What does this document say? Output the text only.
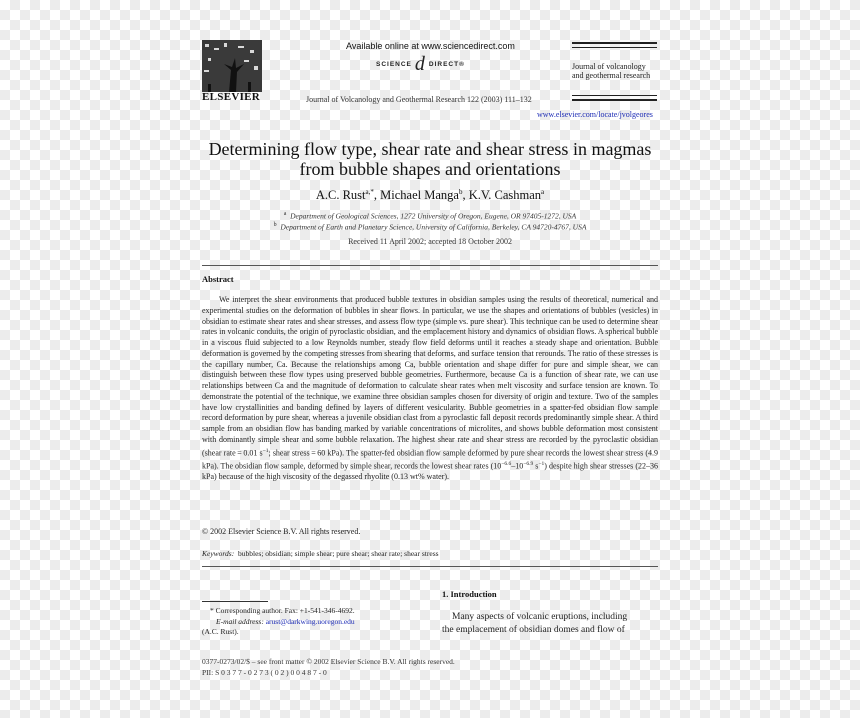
ELSEVIER
Available online at www.sciencedirect.com
SCIENCE d DIRECT®
Journal of Volcanology and Geothermal Research 122 (2003) 111–132
Journal of volcanology
and geothermal research
www.elsevier.com/locate/jvolgeores
Determining flow type, shear rate and shear stress in magmas
from bubble shapes and orientations
A.C. Rust$^{a,*}$, Michael Manga$^b$, K.V. Cashman$^a$
$^a$ Department of Geological Sciences, 1272 University of Oregon, Eugene, OR 97405-1272, USA
$^b$ Department of Earth and Planetary Science, University of California, Berkeley, CA 94720-4767, USA
Received 11 April 2002; accepted 18 October 2002
Abstract
We interpret the shear environments that produced bubble textures in obsidian samples using the results of theoretical, numerical and experimental studies on the deformation of bubbles in shear flows. In particular, we use the shapes and orientations of bubbles (vesicles) in obsidian to estimate shear rates and shear stresses, and assess flow type (simple vs. pure shear). This technique can be used to determine shear rates in volcanic conduits, the origin of pyroclastic obsidian, and the emplacement history and dynamics of obsidian flows. A spherical bubble in a viscous fluid subjected to a low Reynolds number, steady flow field deforms until it reaches a steady shape and orientation. Bubble deformation is governed by the competing stresses from shearing that deforms, and surface tension that rerounds. The ratio of these stresses is the capillary number, Ca. Because the relationships among Ca, bubble orientation and shape differ for pure and simple shear, we can distinguish between these flow types using preserved bubble geometries. Furthermore, because Ca is a function of shear rate, we can use relationships between Ca and the magnitude of deformation to calculate shear rates when melt viscosity and surface tension are known. To demonstrate the potential of the technique, we examine three obsidian samples chosen for diversity of origin and texture. Two of the samples have low crystallinities and banding defined by layers of different vesicularity. Bubble geometries in a spatter-fed obsidian flow sample record deformation by pure shear, whereas a juvenile obsidian clast from a pyroclastic fall deposit records predominantly simple shear. A third sample from an obsidian flow has banding marked by variable concentrations of microlites, and shows bubble deformation most consistent with dominantly simple shear and some bubble relaxation. The highest shear rate and shear stress are recorded by the pyroclastic obsidian (shear rate = 0.01 $s^{-1}$; shear stress = 60 kPa). The spatter-fed obsidian flow sample deformed by pure shear records the lowest shear stress (4.9 kPa). The obsidian flow sample, deformed by simple shear, records the lowest shear rates ($10^{-6.6}-10^{-6.9}$ $s^{-1}$) despite high shear stresses (22–36 kPa) because of the high viscosity of the degassed rhyolite (0.13 wt% water).
© 2002 Elsevier Science B.V. All rights reserved.
Keywords: bubbles; obsidian; simple shear; pure shear; shear rate; shear stress
* Corresponding author. Fax: +1-541-346-4692.
E-mail address: arust@darkwing.uoregon.edu
(A.C. Rust).
1. Introduction
Many aspects of volcanic eruptions, including
the emplacement of obsidian domes and flow of
0377-0273/02/$ – see front matter © 2002 Elsevier Science B.V. All rights reserved.
PII: S 0 3 7 7 - 0 2 7 3 ( 0 2 ) 0 0 4 8 7 - 0
